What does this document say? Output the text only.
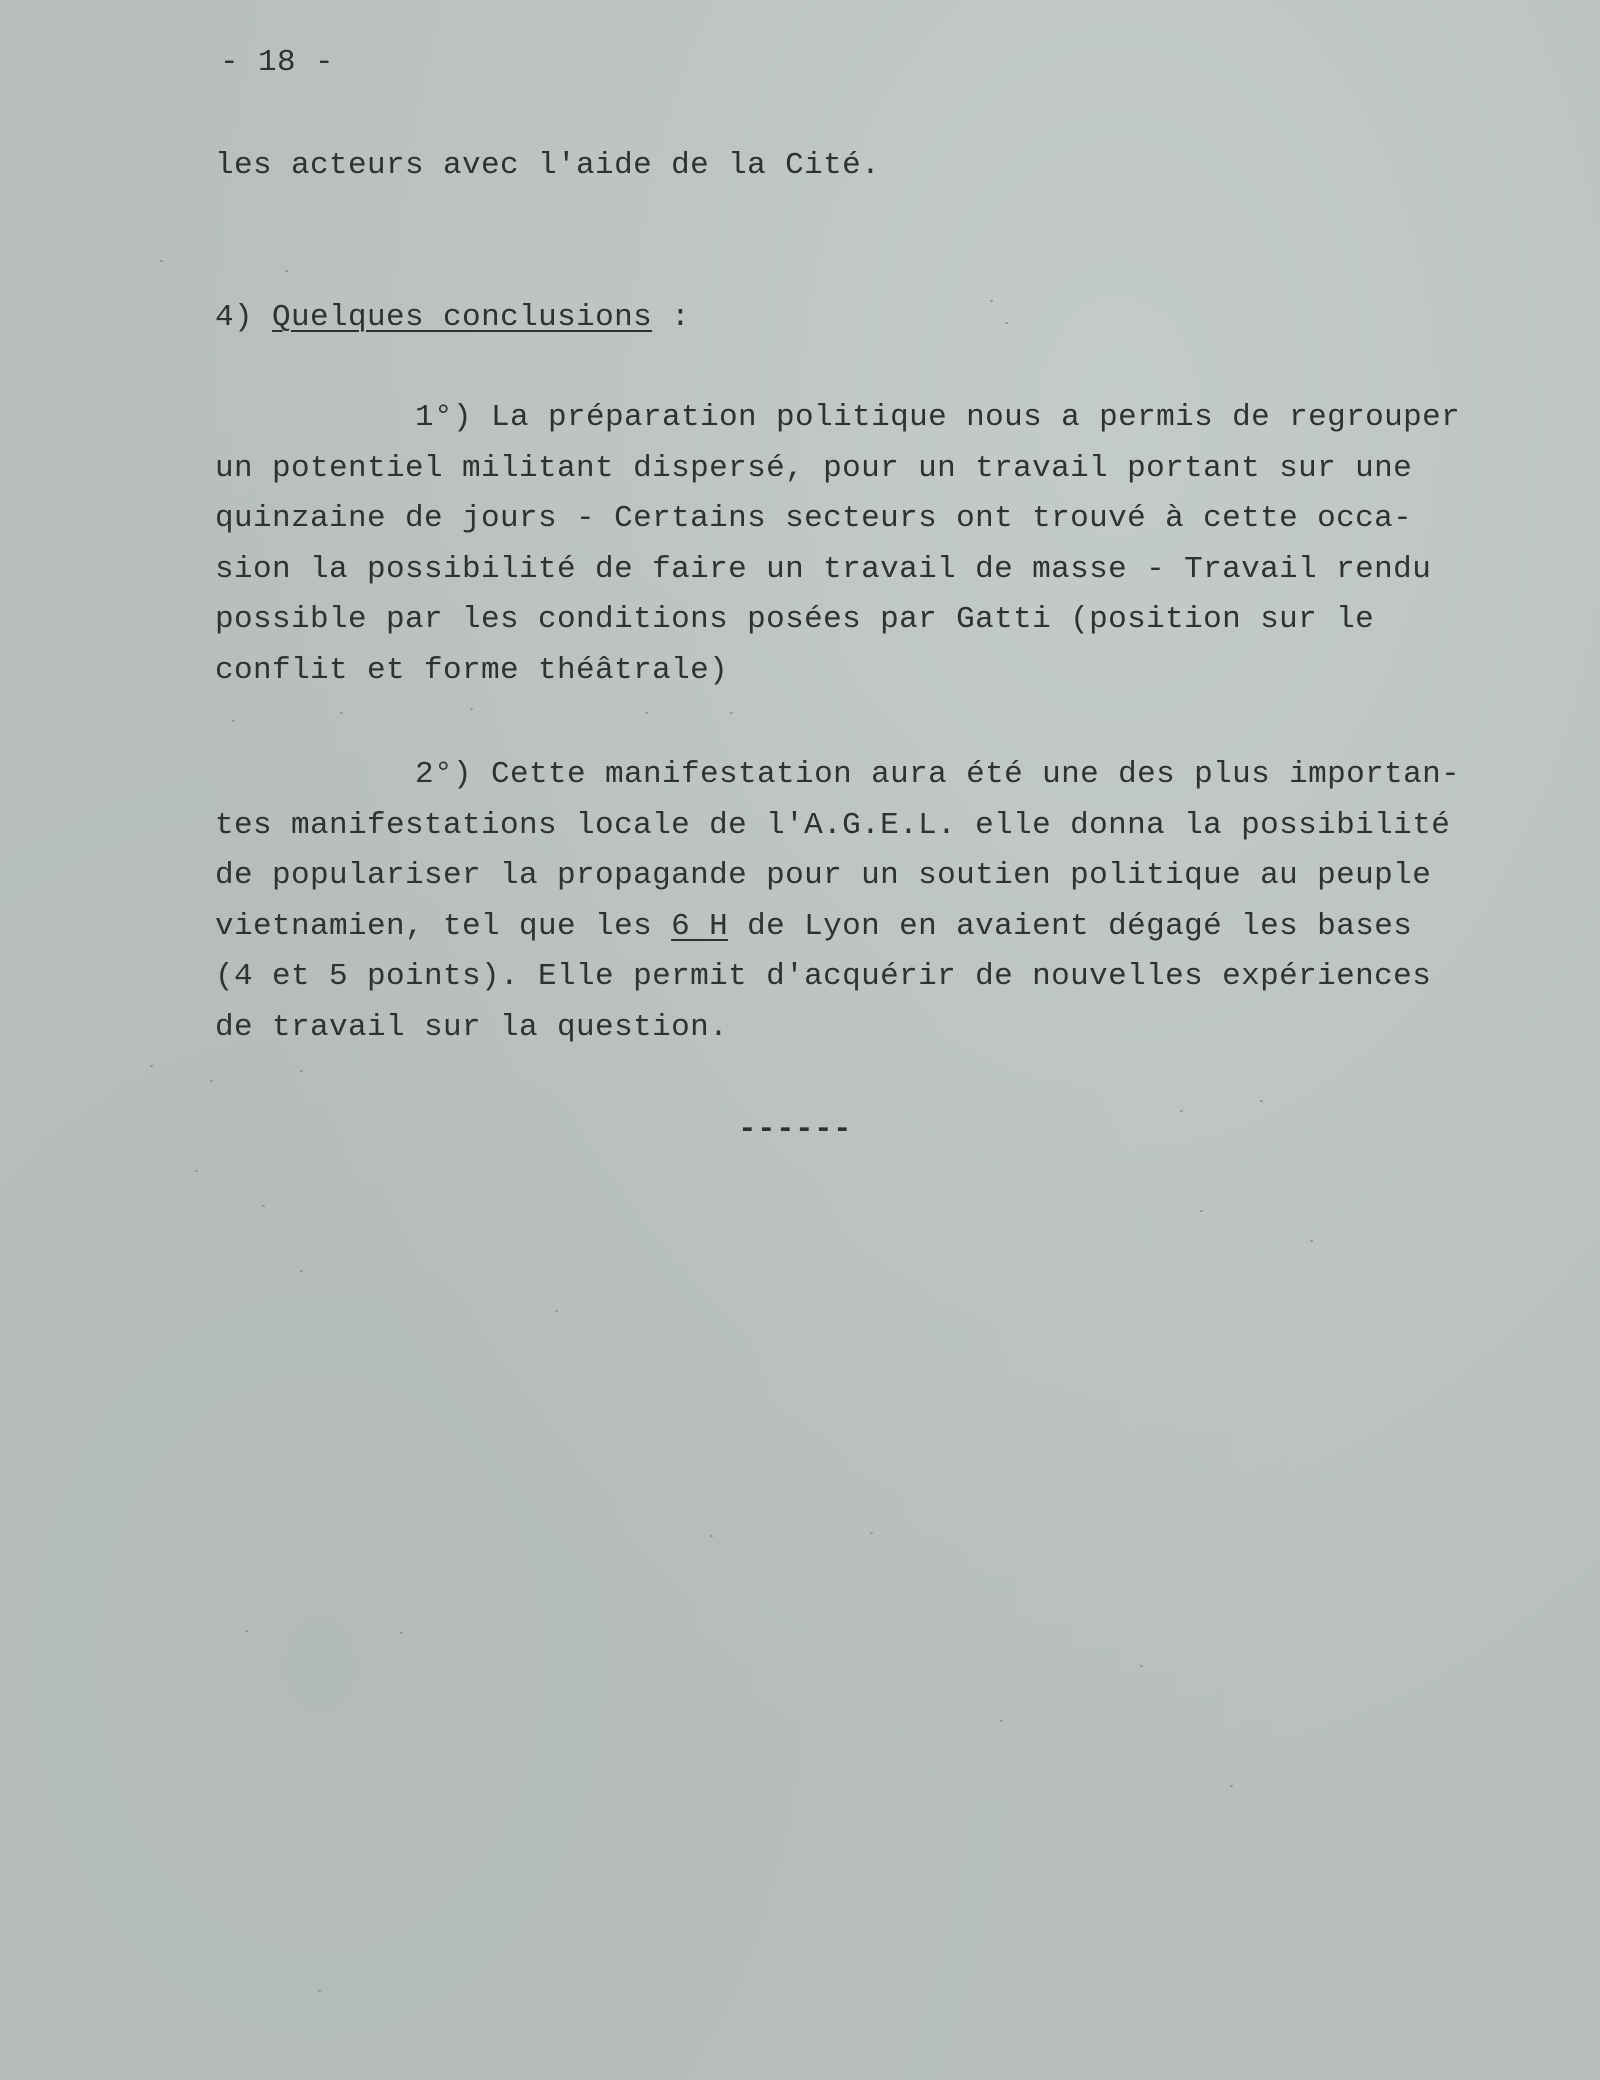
- 18 -
les acteurs avec l'aide de la Cité.
4) Quelques conclusions :
1°) La préparation politique nous a permis de regrouper
un potentiel militant dispersé, pour un travail portant sur une
quinzaine de jours - Certains secteurs ont trouvé à cette occa-
sion la possibilité de faire un travail de masse - Travail rendu
possible par les conditions posées par Gatti (position sur le
conflit et forme théâtrale)
2°) Cette manifestation aura été une des plus importan-
tes manifestations locale de l'A.G.E.L. elle donna la possibilité
de populariser la propagande pour un soutien politique au peuple
vietnamien, tel que les 6 H de Lyon en avaient dégagé les bases
(4 et 5 points). Elle permit d'acquérir de nouvelles expériences
de travail sur la question.
------
